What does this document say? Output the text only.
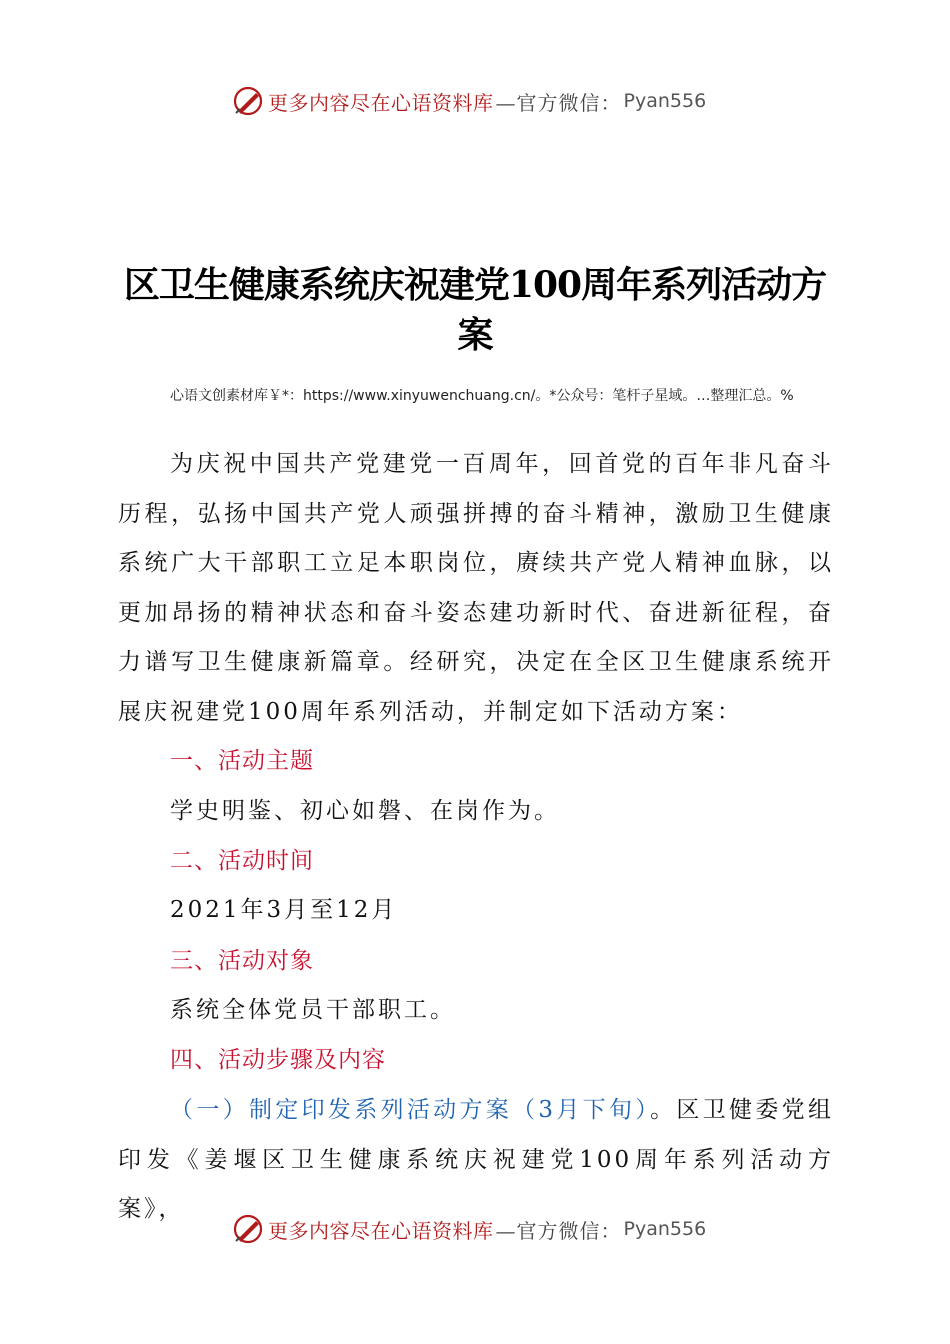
更多内容尽在心语资料库 —官方微信： Pyan556
区卫生健康系统庆祝建党100周年系列活动方案

心语文创素材库￥*：https://www.xinyuwenchuang.cn/。*公众号：笔杆子星域。…整理汇总。%

为庆祝中国共产党建党一百周年，回首党的百年非凡奋斗历程，弘扬中国共产党人顽强拼搏的奋斗精神，激励卫生健康系统广大干部职工立足本职岗位，赓续共产党人精神血脉，以更加昂扬的精神状态和奋斗姿态建功新时代、奋进新征程，奋力谱写卫生健康新篇章。经研究，决定在全区卫生健康系统开展庆祝建党100周年系列活动，并制定如下活动方案：

一、活动主题

学史明鉴、初心如磐、在岗作为。

二、活动时间

2021年3月至12月

三、活动对象

系统全体党员干部职工。

四、活动步骤及内容

（一）制定印发系列活动方案（3月下旬）。区卫健委党组印发《姜堰区卫生健康系统庆祝建党100周年系列活动方案》，

更多内容尽在心语资料库 —官方微信： Pyan556
